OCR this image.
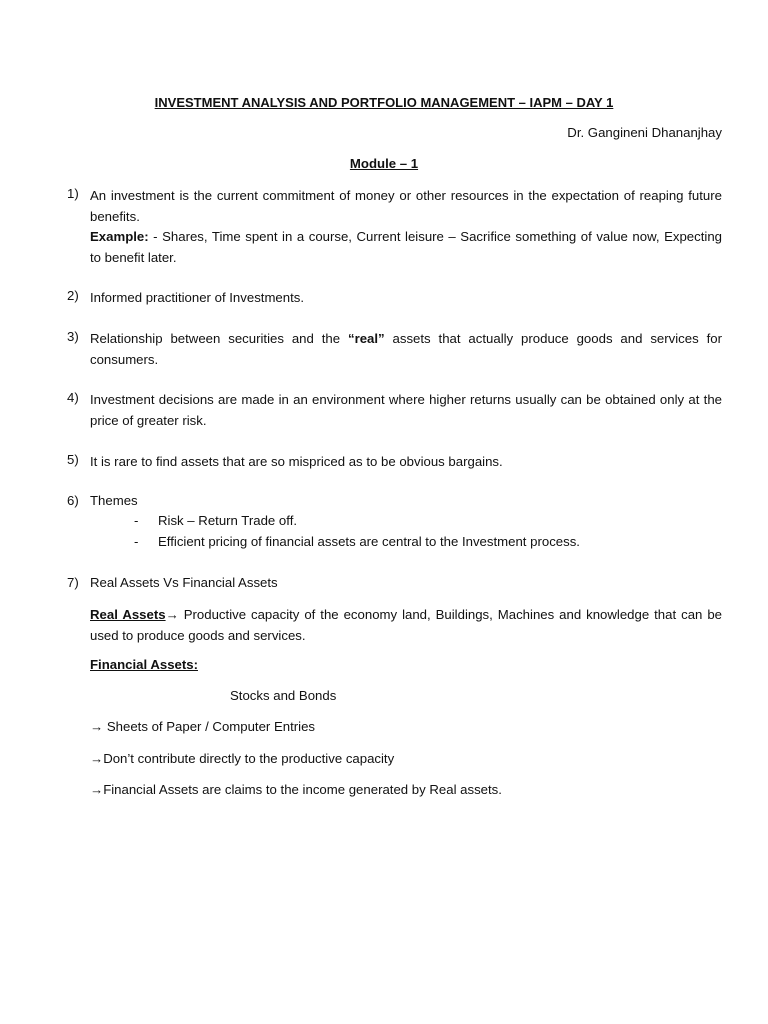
INVESTMENT ANALYSIS AND PORTFOLIO MANAGEMENT – IAPM – DAY 1
Dr. Gangineni Dhananjhay
Module – 1
1) An investment is the current commitment of money or other resources in the expectation of reaping future benefits.
Example: - Shares, Time spent in a course, Current leisure – Sacrifice something of value now, Expecting to benefit later.
2) Informed practitioner of Investments.
3) Relationship between securities and the “real” assets that actually produce goods and services for consumers.
4) Investment decisions are made in an environment where higher returns usually can be obtained only at the price of greater risk.
5) It is rare to find assets that are so mispriced as to be obvious bargains.
6) Themes
- Risk – Return Trade off.
- Efficient pricing of financial assets are central to the Investment process.
7) Real Assets Vs Financial Assets
Real Assets→ Productive capacity of the economy land, Buildings, Machines and knowledge that can be used to produce goods and services.
Financial Assets:
Stocks and Bonds
→ Sheets of Paper / Computer Entries
→Don’t contribute directly to the productive capacity
→Financial Assets are claims to the income generated by Real assets.
